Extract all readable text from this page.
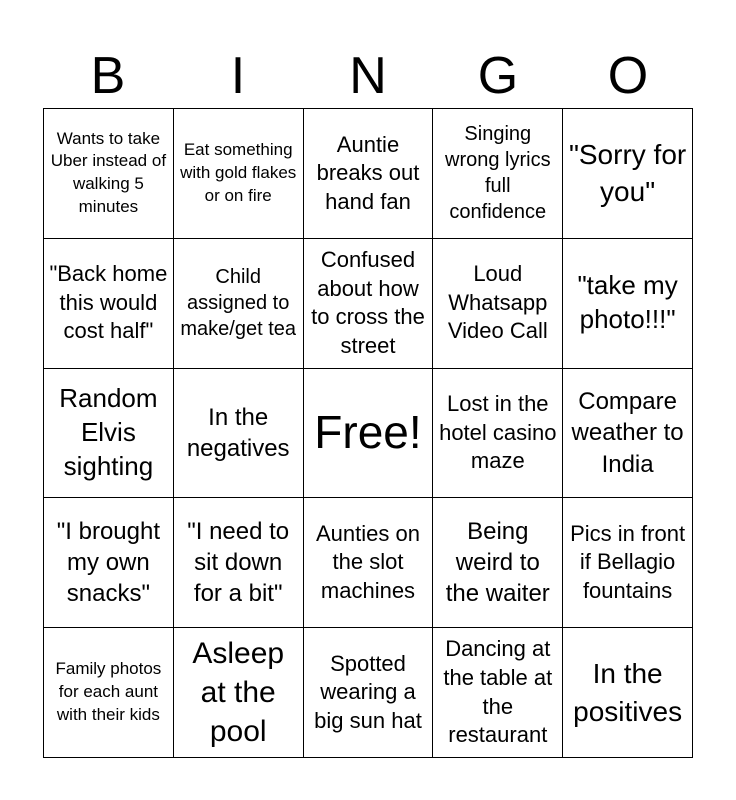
B	I	N	G	O
Wants to take Uber instead of walking 5 minutes
Eat something with gold flakes or on fire
Auntie breaks out hand fan
Singing wrong lyrics full confidence
"Sorry for you"
"Back home this would cost half"
Child assigned to make/get tea
Confused about how to cross the street
Loud Whatsapp Video Call
"take my photo!!!"
Random Elvis sighting
In the negatives Free!
Lost in the hotel casino maze
Compare weather to India
"I brought my own snacks"
"I need to sit down for a bit"
Aunties on the slot machines
Being weird to the waiter
Pics in front if Bellagio fountains
Family photos for each aunt with their kids
Asleep at the pool
Spotted wearing a big sun hat
Dancing at the table at the restaurant
In the positives
